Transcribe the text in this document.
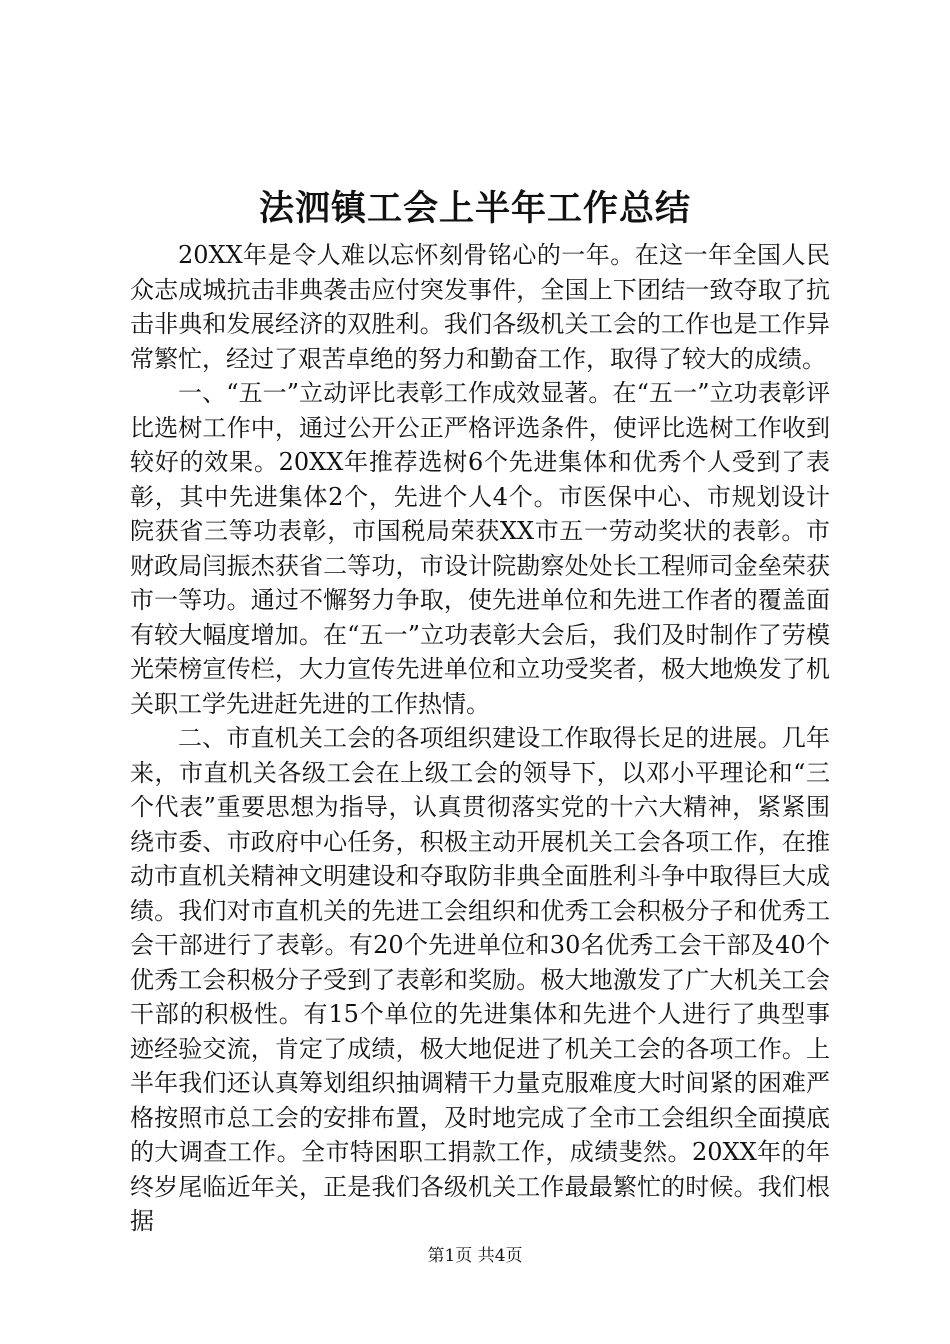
法泗镇工会上半年工作总结

20XX年是令人难以忘怀刻骨铭心的一年。在这一年全国人民众志成城抗击非典袭击应付突发事件，全国上下团结一致夺取了抗击非典和发展经济的双胜利。我们各级机关工会的工作也是工作异常繁忙，经过了艰苦卓绝的努力和勤奋工作，取得了较大的成绩。

一、“五一”立动评比表彰工作成效显著。在“五一”立功表彰评比选树工作中，通过公开公正严格评选条件，使评比选树工作收到较好的效果。20XX年推荐选树6个先进集体和优秀个人受到了表彰，其中先进集体2个，先进个人4个。市医保中心、市规划设计院获省三等功表彰，市国税局荣获XX市五一劳动奖状的表彰。市财政局闫振杰获省二等功，市设计院勘察处处长工程师司金垒荣获市一等功。通过不懈努力争取，使先进单位和先进工作者的覆盖面有较大幅度增加。在“五一”立功表彰大会后，我们及时制作了劳模光荣榜宣传栏，大力宣传先进单位和立功受奖者，极大地焕发了机关职工学先进赶先进的工作热情。

二、市直机关工会的各项组织建设工作取得长足的进展。几年来，市直机关各级工会在上级工会的领导下，以邓小平理论和“三个代表”重要思想为指导，认真贯彻落实党的十六大精神，紧紧围绕市委、市政府中心任务，积极主动开展机关工会各项工作，在推动市直机关精神文明建设和夺取防非典全面胜利斗争中取得巨大成绩。我们对市直机关的先进工会组织和优秀工会积极分子和优秀工会干部进行了表彰。有20个先进单位和30名优秀工会干部及40个优秀工会积极分子受到了表彰和奖励。极大地激发了广大机关工会干部的积极性。有15个单位的先进集体和先进个人进行了典型事迹经验交流，肯定了成绩，极大地促进了机关工会的各项工作。上半年我们还认真筹划组织抽调精干力量克服难度大时间紧的困难严格按照市总工会的安排布置，及时地完成了全市工会组织全面摸底的大调查工作。全市特困职工捐款工作，成绩斐然。20XX年的年终岁尾临近年关，正是我们各级机关工作最最繁忙的时候。我们根据

第1页 共4页
